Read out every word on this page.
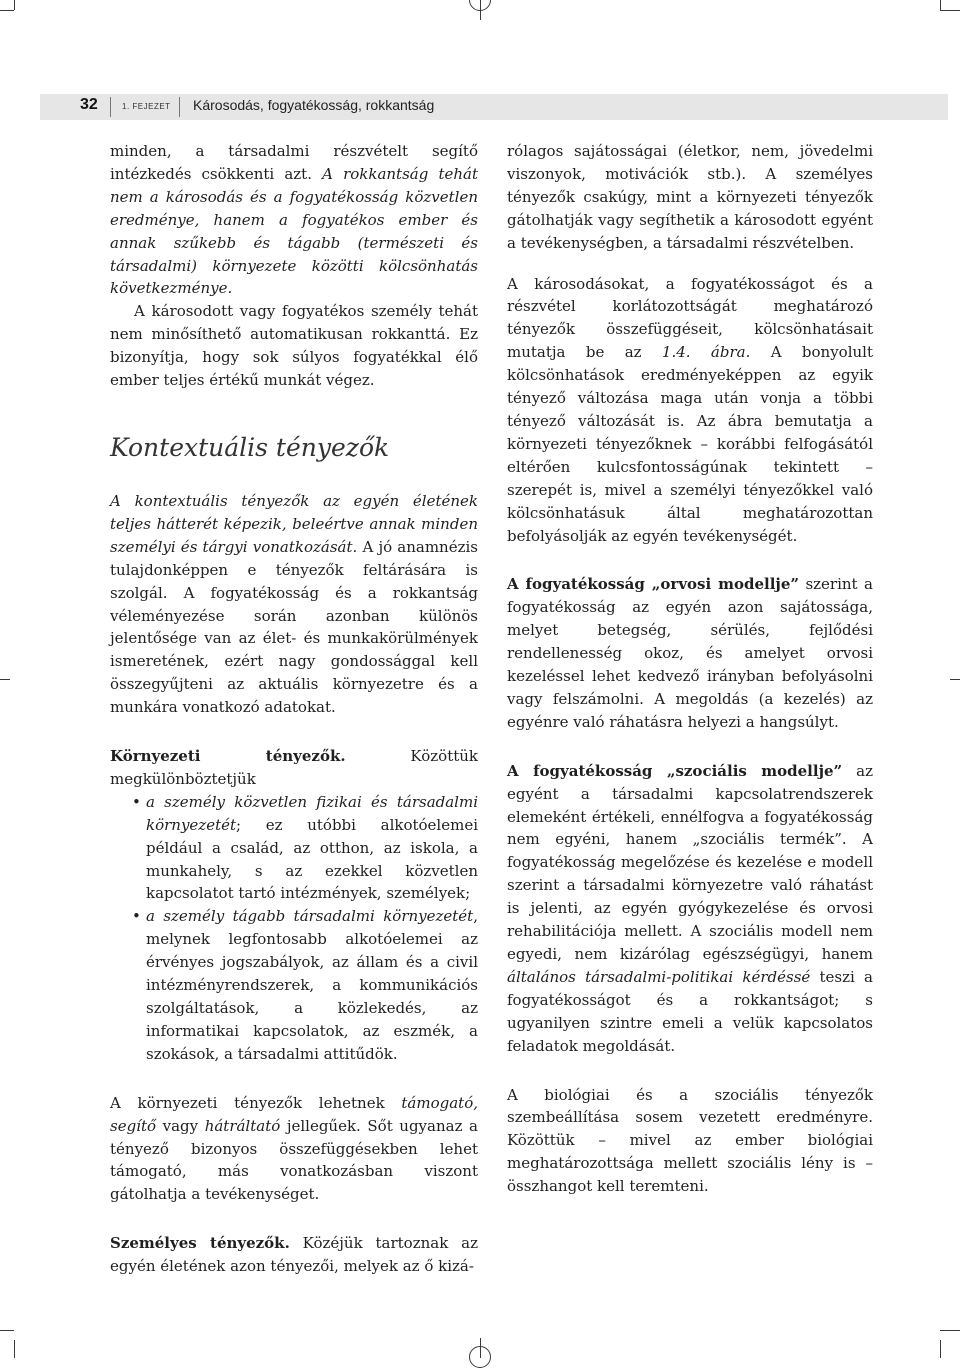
32	1. FEJEZET Károsodás, fogyatékosság, rokkantság

minden, a társadalmi részvételt segítő intézkedés csökkenti azt. A rokkantság tehát nem a károsodás és a fogyatékosság közvetlen eredménye, hanem a fogyatékos ember és annak szűkebb és tágabb (természeti és társadalmi) környezete közötti kölcsönhatás következménye.

A károsodott vagy fogyatékos személy tehát nem minősíthető automatikusan rokkanttá. Ez bizonyítja, hogy sok súlyos fogyatékkal élő ember teljes értékű munkát végez.

Kontextuális tényezők

A kontextuális tényezők az egyén életének teljes hátterét képezik, beleértve annak minden személyi és tárgyi vonatkozását. A jó anamnézis tulajdonképpen e tényezők feltárására is szolgál. A fogyatékosság és a rokkantság véleményezése során azonban különös jelentősége van az élet- és munkakörülmények ismeretének, ezért nagy gondossággal kell összegyűjteni az aktuális környezetre és a munkára vonatkozó adatokat.

Környezeti tényezők. Közöttük megkülönböztetjük

• a személy közvetlen fizikai és társadalmi környezetét; ez utóbbi alkotóelemei például a család, az otthon, az iskola, a munkahely, s az ezekkel közvetlen kapcsolatot tartó intézmények, személyek;
• a személy tágabb társadalmi környezetét, melynek legfontosabb alkotóelemei az érvényes jogszabályok, az állam és a civil intézményrendszerek, a kommunikációs szolgáltatások, a közlekedés, az informatikai kapcsolatok, az eszmék, a szokások, a társadalmi attitűdök.

A környezeti tényezők lehetnek támogató, segítő vagy hátráltató jellegűek. Sőt ugyanaz a tényező bizonyos összefüggésekben lehet támogató, más vonatkozásban viszont gátolhatja a tevékenységet.

Személyes tényezők. Közéjük tartoznak az egyén életének azon tényezői, melyek az ő kizá-

rólagos sajátosságai (életkor, nem, jövedelmi viszonyok, motivációk stb.). A személyes tényezők csakúgy, mint a környezeti tényezők gátolhatják vagy segíthetik a károsodott egyént a tevékenységben, a társadalmi részvételben.

A károsodásokat, a fogyatékosságot és a részvétel korlátozottságát meghatározó tényezők összefüggéseit, kölcsönhatásait mutatja be az 1.4. ábra. A bonyolult kölcsönhatások eredményeképpen az egyik tényező változása maga után vonja a többi tényező változását is. Az ábra bemutatja a környezeti tényezőknek – korábbi felfogásától eltérően kulcsfontosságúnak tekintett – szerepét is, mivel a személyi tényezőkkel való kölcsönhatásuk által meghatározottan befolyásolják az egyén tevékenységét.

A fogyatékosság „orvosi modellje” szerint a fogyatékosság az egyén azon sajátossága, melyet betegség, sérülés, fejlődési rendellenesség okoz, és amelyet orvosi kezeléssel lehet kedvező irányban befolyásolni vagy felszámolni. A megoldás (a kezelés) az egyénre való ráhatásra helyezi a hangsúlyt.

A fogyatékosság „szociális modellje” az egyént a társadalmi kapcsolatrendszerek elemeként értékeli, ennélfogva a fogyatékosság nem egyéni, hanem „szociális termék”. A fogyatékosság megelőzése és kezelése e modell szerint a társadalmi környezetre való ráhatást is jelenti, az egyén gyógykezelése és orvosi rehabilitációja mellett. A szociális modell nem egyedi, nem kizárólag egészségügyi, hanem általános társadalmi-politikai kérdéssé teszi a fogyatékosságot és a rokkantságot; s ugyanilyen szintre emeli a velük kapcsolatos feladatok megoldását.

A biológiai és a szociális tényezők szembeállítása sosem vezetett eredményre. Közöttük – mivel az ember biológiai meghatározottsága mellett szociális lény is – összhangot kell teremteni.
